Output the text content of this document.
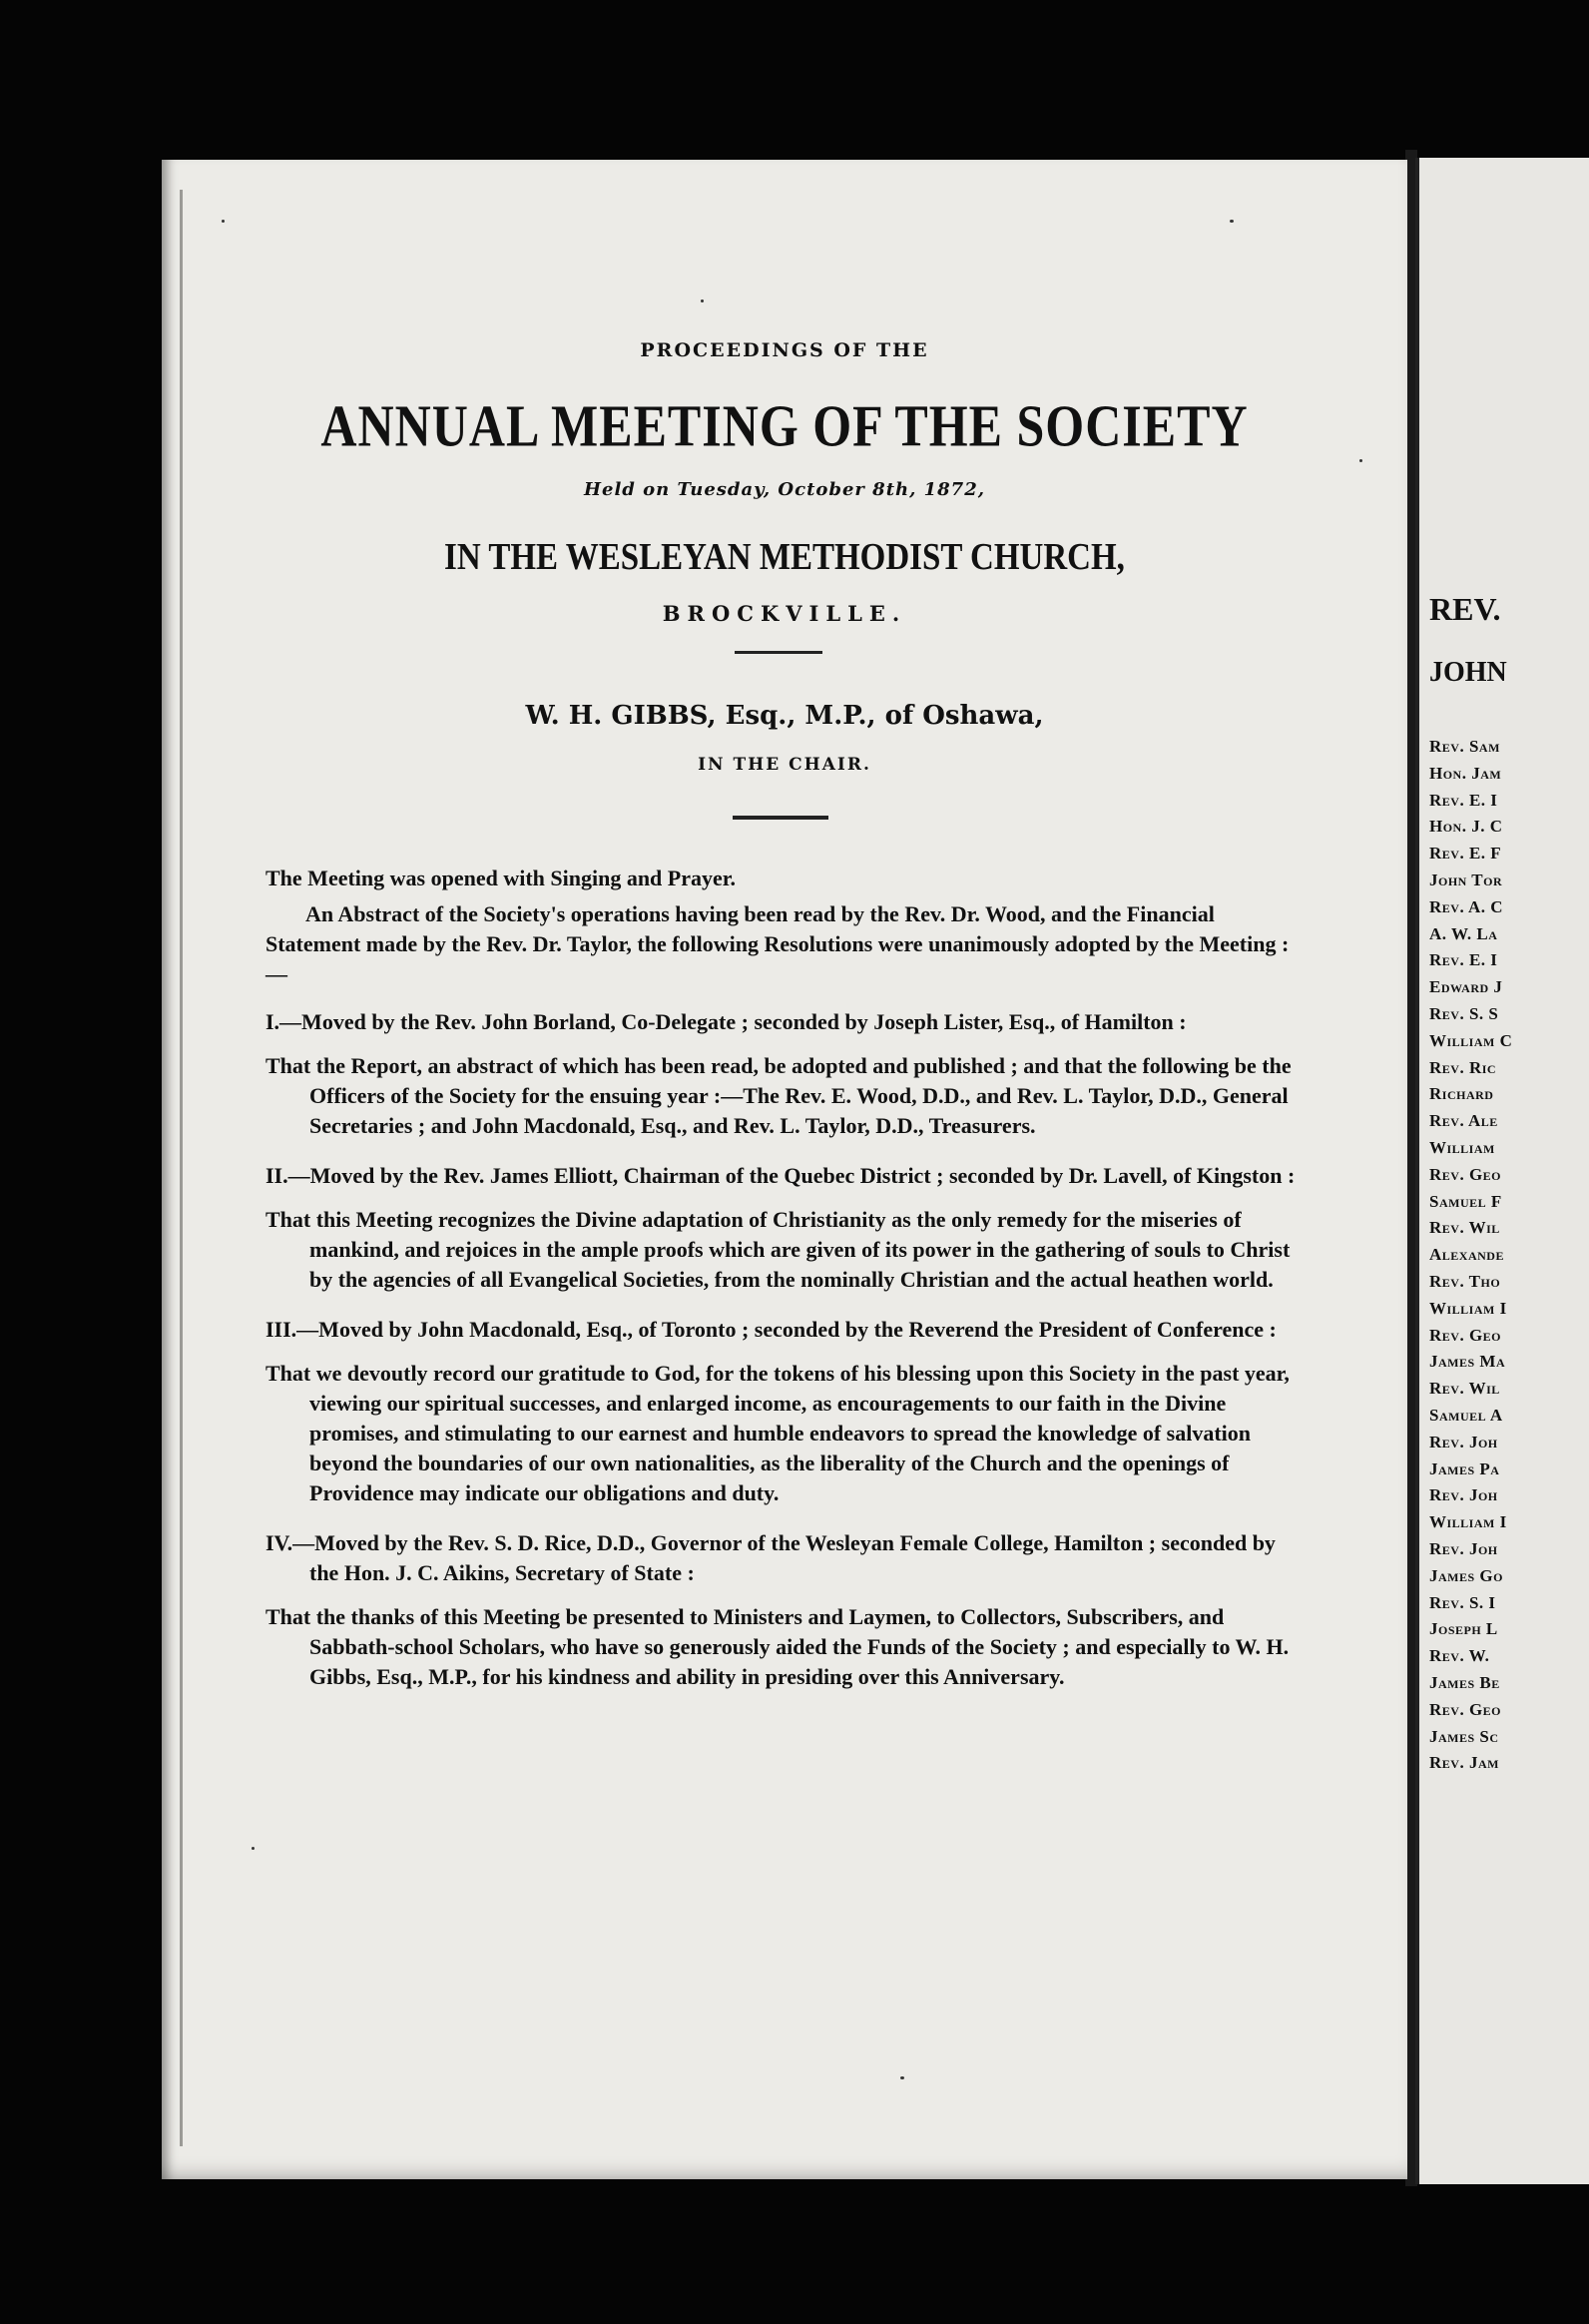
PROCEEDINGS OF THE
ANNUAL MEETING OF THE SOCIETY
Held on Tuesday, October 8th, 1872,
IN THE WESLEYAN METHODIST CHURCH,
BROCKVILLE.
W. H. GIBBS, Esq., M.P., of Oshawa,
IN THE CHAIR.

The Meeting was opened with Singing and Prayer.

An Abstract of the Society's operations having been read by the Rev. Dr. Wood, and the Financial Statement made by the Rev. Dr. Taylor, the following Resolutions were unanimously adopted by the Meeting :—

I.—Moved by the Rev. John Borland, Co-Delegate ; seconded by Joseph Lister, Esq., of Hamilton :

That the Report, an abstract of which has been read, be adopted and published ; and that the following be the Officers of the Society for the ensuing year :—The Rev. E. Wood, D.D., and Rev. L. Taylor, D.D., General Secretaries ; and John Macdonald, Esq., and Rev. L. Taylor, D.D., Treasurers.

II.—Moved by the Rev. James Elliott, Chairman of the Quebec District ; seconded by Dr. Lavell, of Kingston :

That this Meeting recognizes the Divine adaptation of Christianity as the only remedy for the miseries of mankind, and rejoices in the ample proofs which are given of its power in the gathering of souls to Christ by the agencies of all Evangelical Societies, from the nominally Christian and the actual heathen world.

III.—Moved by John Macdonald, Esq., of Toronto ; seconded by the Reverend the President of Conference :

That we devoutly record our gratitude to God, for the tokens of his blessing upon this Society in the past year, viewing our spiritual successes, and enlarged income, as encouragements to our faith in the Divine promises, and stimulating to our earnest and humble endeavors to spread the knowledge of salvation beyond the boundaries of our own nationalities, as the liberality of the Church and the openings of Providence may indicate our obligations and duty.

IV.—Moved by the Rev. S. D. Rice, D.D., Governor of the Wesleyan Female College, Hamilton ; seconded by the Hon. J. C. Aikins, Secretary of State :

That the thanks of this Meeting be presented to Ministers and Laymen, to Collectors, Subscribers, and Sabbath-school Scholars, who have so generously aided the Funds of the Society ; and especially to W. H. Gibbs, Esq., M.P., for his kindness and ability in presiding over this Anniversary.

REV.
JOHN
Rev. Sam
Hon. Jam
Rev. E. I
Hon. J. C
Rev. E. F
John Tor
Rev. A. C
A. W. La
Rev. E. I
Edward J
Rev. S. S
William C
Rev. Ric
Richard
Rev. Ale
William
Rev. Geo
Samuel F
Rev. Wil
Alexande
Rev. Tho
William I
Rev. Geo
James Ma
Rev. Wil
Samuel A
Rev. Joh
James Pa
Rev. Joh
William I
Rev. Joh
James Go
Rev. S. I
Joseph L
Rev. W.
James Be
Rev. Geo
James Sc
Rev. Jam
